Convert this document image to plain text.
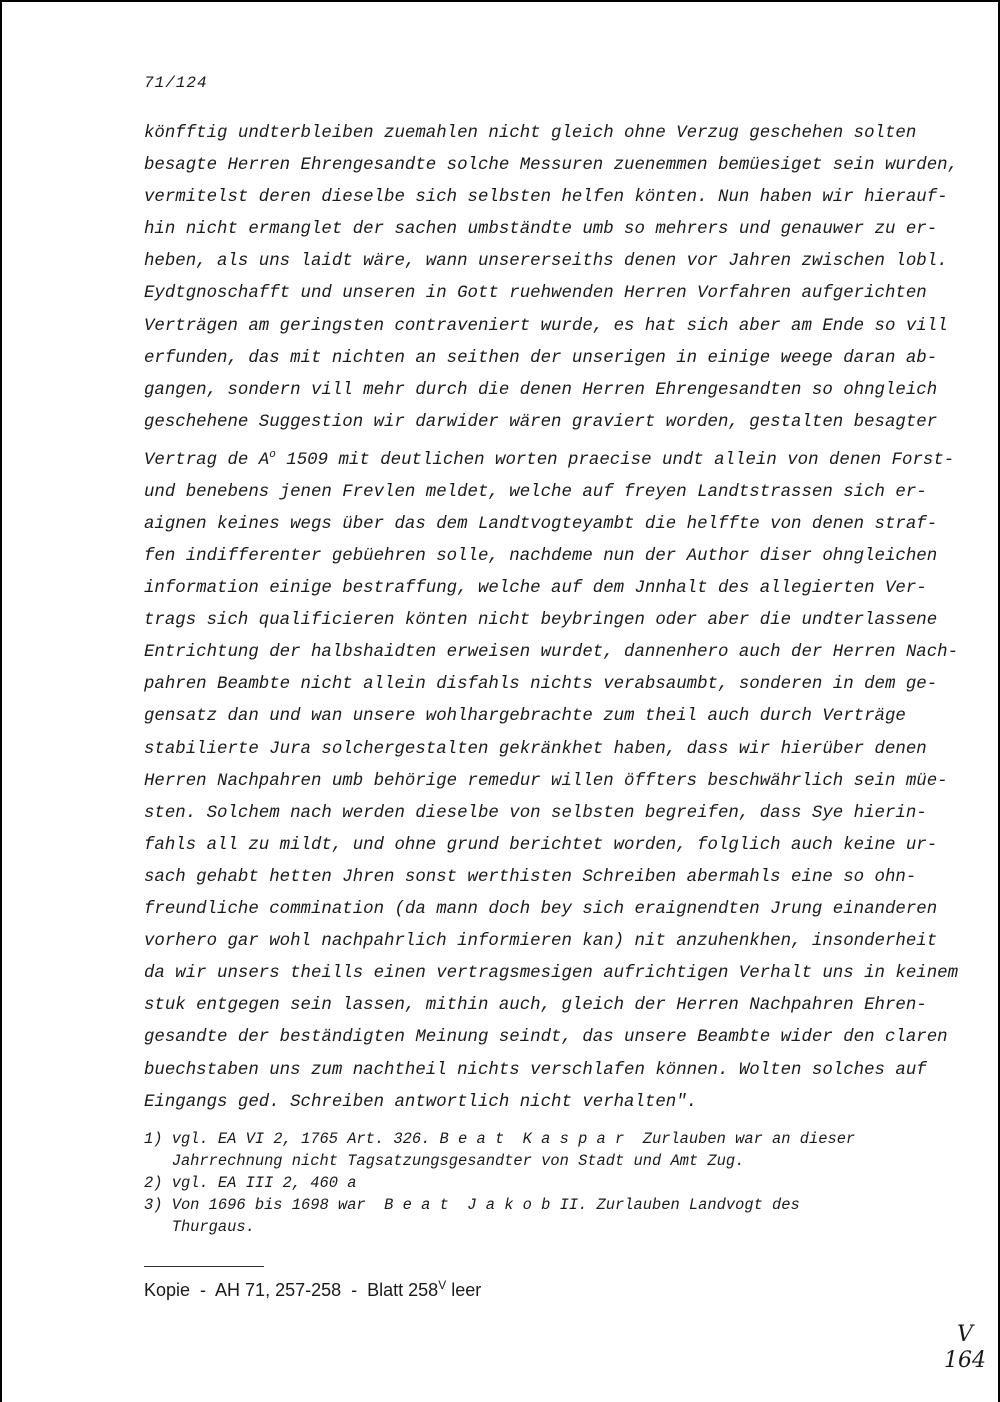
71/124
könfftig undterbleiben zuemahlen nicht gleich ohne Verzug geschehen solten
besagte Herren Ehrengesandte solche Messuren zuenemmen bemüesiget sein wurden,
vermitelst deren dieselbe sich selbsten helfen könten. Nun haben wir hierauf-
hin nicht ermanglet der sachen umbständte umb so mehrers und genauwer zu er-
heben, als uns laidt wäre, wann unsererseiths denen vor Jahren zwischen lobl.
Eydtgnoschafft und unseren in Gott ruehwenden Herren Vorfahren aufgerichten
Verträgen am geringsten contraveniert wurde, es hat sich aber am Ende so vill
erfunden, das mit nichten an seithen der unserigen in einige weege daran ab-
gangen, sondern vill mehr durch die denen Herren Ehrengesandten so ohngleich
geschehene Suggestion wir darwider wären graviert worden, gestalten besagter
Vertrag de $A^o$ 1509 mit deutlichen worten praecise undt allein von denen Forst-
und benebens jenen Frevlen meldet, welche auf freyen Landtstrassen sich er-
aignen keines wegs über das dem Landtvogteyambt die helffte von denen straf-
fen indifferenter gebüehren solle, nachdeme nun der Author diser ohngleichen
information einige bestraffung, welche auf dem Jnnhalt des allegierten Ver-
trags sich qualificieren könten nicht beybringen oder aber die undterlassene
Entrichtung der halbshaidten erweisen wurdet, dannenhero auch der Herren Nach-
pahren Beambte nicht allein disfahls nichts verabsaumbt, sonderen in dem ge-
gensatz dan und wan unsere wohlhargebrachte zum theil auch durch Verträge
stabilierte Jura solchergestalten gekränkhet haben, dass wir hierüber denen
Herren Nachpahren umb behörige remedur willen öffters beschwährlich sein müe-
sten. Solchem nach werden dieselbe von selbsten begreifen, dass Sye hierin-
fahls all zu mildt, und ohne grund berichtet worden, folglich auch keine ur-
sach gehabt hetten Jhren sonst werthisten Schreiben abermahls eine so ohn-
freundliche commination (da mann doch bey sich eraignendten Jrung einanderen
vorhero gar wohl nachpahrlich informieren kan) nit anzuhenkhen, insonderheit
da wir unsers theills einen vertragsmesigen aufrichtigen Verhalt uns in keinem
stuk entgegen sein lassen, mithin auch, gleich der Herren Nachpahren Ehren-
gesandte der beständigten Meinung seindt, das unsere Beambte wider den claren
buechstaben uns zum nachtheil nichts verschlafen können. Wolten solches auf
Eingangs ged. Schreiben antwortlich nicht verhalten".
1) vgl. EA VI 2, 1765 Art. 326. B e a t  K a s p a r  Zurlauben war an dieser
Jahrrechnung nicht Tagsatzungsgesandter von Stadt und Amt Zug.
2) vgl. EA III 2, 460 a
3) Von 1696 bis 1698 war  B e a t  J a k o b II. Zurlauben Landvogt des
Thurgaus.
Kopie  -  AH 71, 257-258  -  Blatt $258^V$ leer
V
164
